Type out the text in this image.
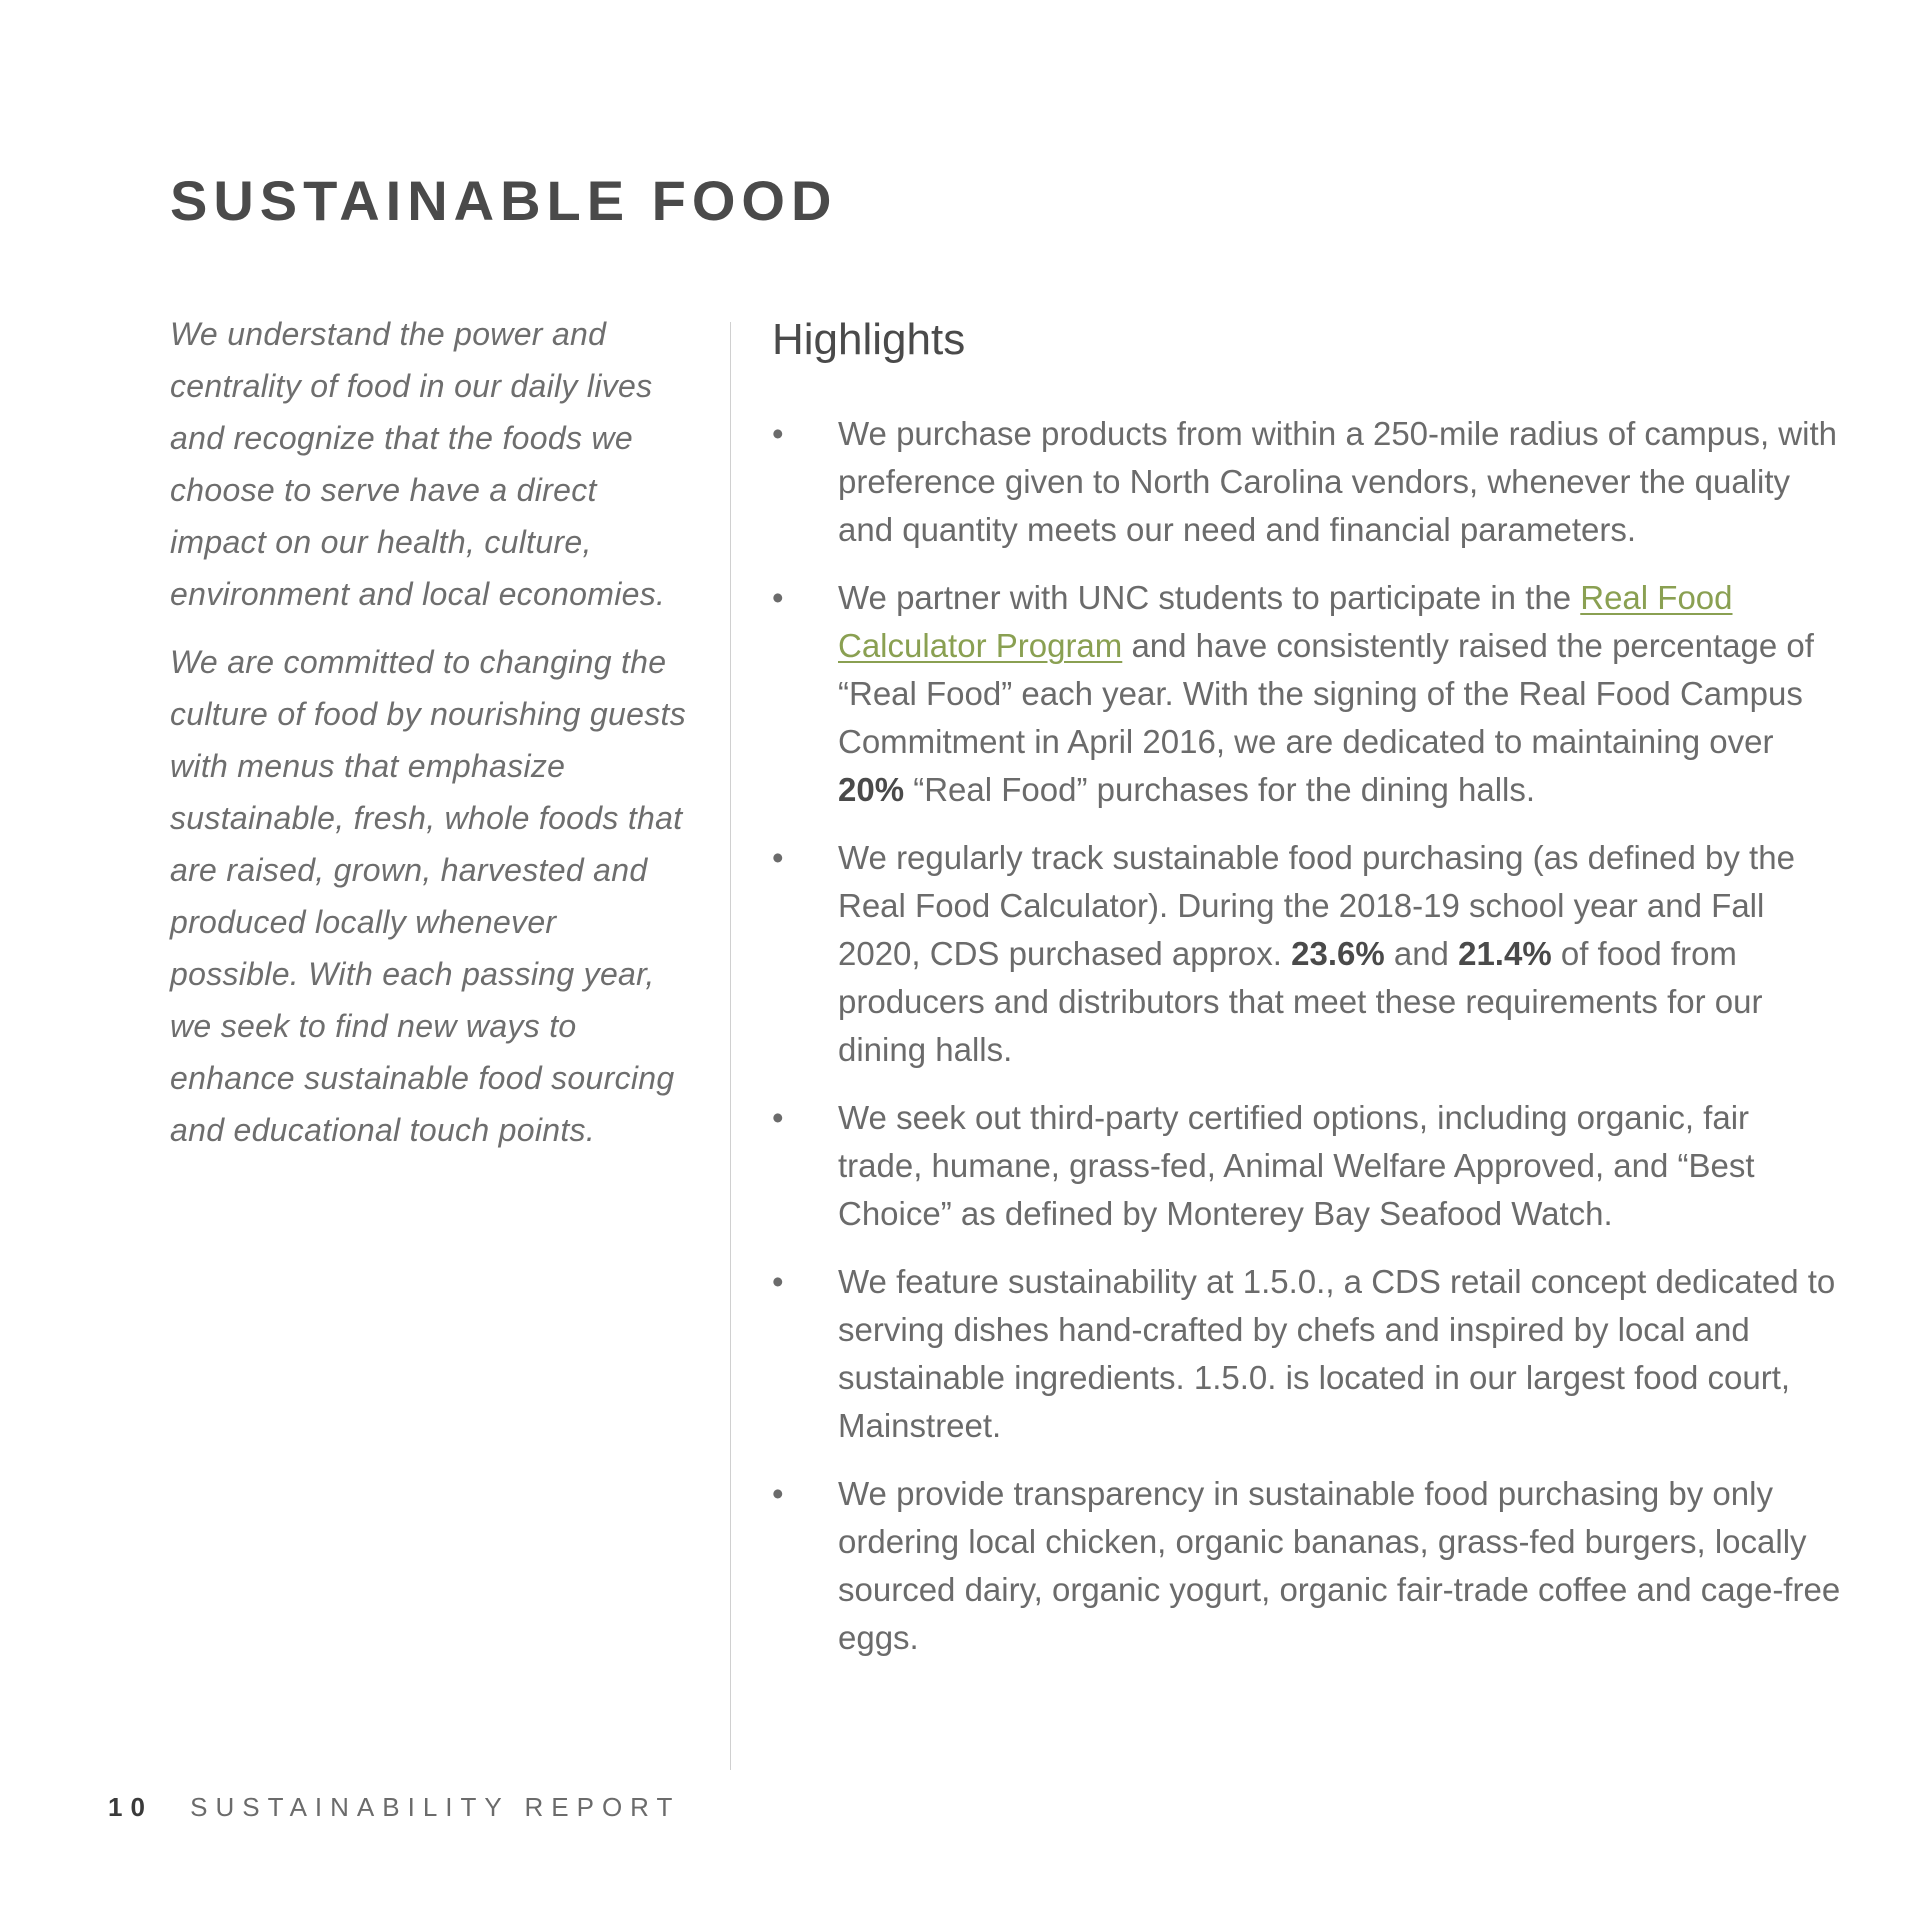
SUSTAINABLE FOOD

We understand the power and centrality of food in our daily lives and recognize that the foods we choose to serve have a direct impact on our health, culture, environment and local economies.

We are committed to changing the culture of food by nourishing guests with menus that emphasize sustainable, fresh, whole foods that are raised, grown, harvested and produced locally whenever possible. With each passing year, we seek to find new ways to enhance sustainable food sourcing and educational touch points.

Highlights
• We purchase products from within a 250-mile radius of campus, with preference given to North Carolina vendors, whenever the quality and quantity meets our need and financial parameters.
• We partner with UNC students to participate in the Real Food Calculator Program and have consistently raised the percentage of “Real Food” each year. With the signing of the Real Food Campus Commitment in April 2016, we are dedicated to maintaining over 20% “Real Food” purchases for the dining halls.
• We regularly track sustainable food purchasing (as defined by the Real Food Calculator). During the 2018-19 school year and Fall 2020, CDS purchased approx. 23.6% and 21.4% of food from producers and distributors that meet these requirements for our dining halls.
• We seek out third-party certified options, including organic, fair trade, humane, grass-fed, Animal Welfare Approved, and “Best Choice” as defined by Monterey Bay Seafood Watch.
• We feature sustainability at 1.5.0., a CDS retail concept dedicated to serving dishes hand-crafted by chefs and inspired by local and sustainable ingredients. 1.5.0. is located in our largest food court, Mainstreet.
• We provide transparency in sustainable food purchasing by only ordering local chicken, organic bananas, grass-fed burgers, locally sourced dairy, organic yogurt, organic fair-trade coffee and cage-free eggs.
10 SUSTAINABILITY REPORT
